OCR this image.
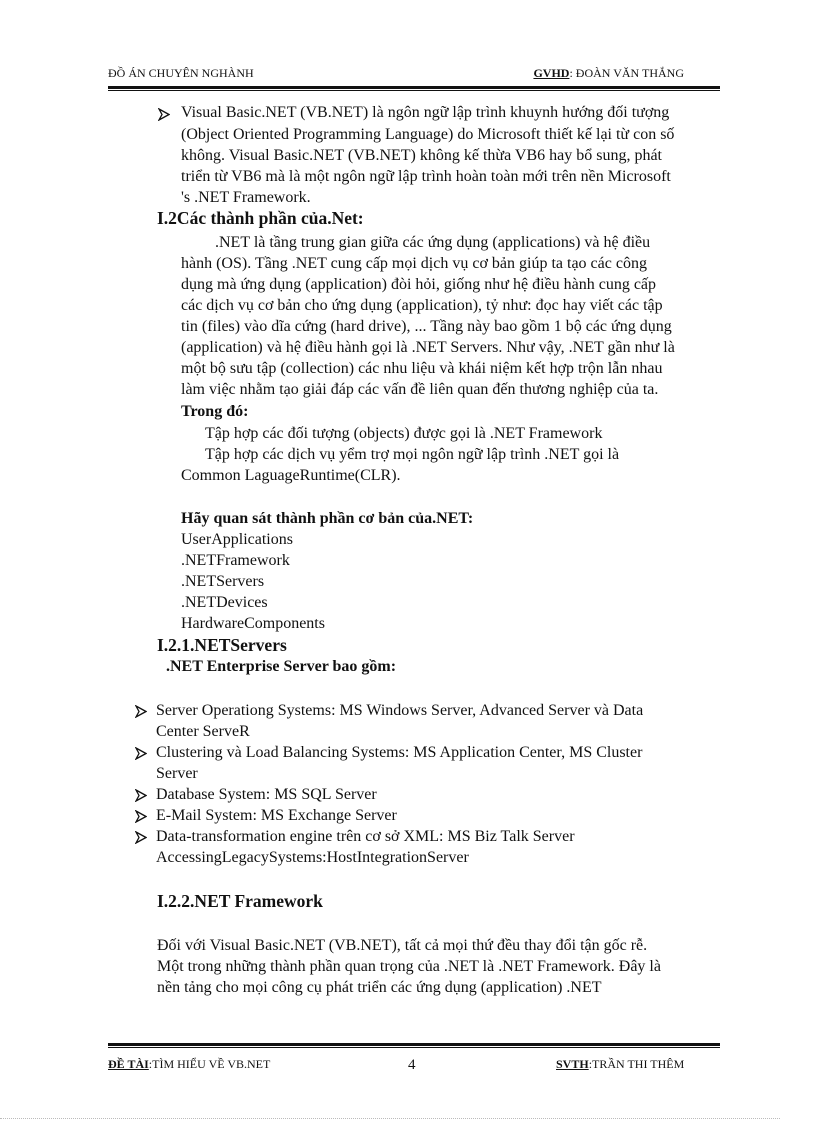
ĐỒ ÁN CHUYÊN NGHÀNH	GVHD: ĐOÀN VĂN THẮNG
Visual Basic.NET (VB.NET) là ngôn ngữ lập trình khuynh hướng đối tượng
(Object Oriented Programming Language) do Microsoft thiết kế lại từ con số
không. Visual Basic.NET (VB.NET) không kế thừa VB6 hay bổ sung, phát
triển từ VB6 mà là một ngôn ngữ lập trình hoàn toàn mới trên nền Microsoft
's .NET Framework.
I.2Các thành phần của.Net:
.NET là tầng trung gian giữa các ứng dụng (applications) và hệ điều
hành (OS). Tầng .NET cung cấp mọi dịch vụ cơ bản giúp ta tạo các công
dụng mà ứng dụng (application) đòi hỏi, giống như hệ điều hành cung cấp
các dịch vụ cơ bản cho ứng dụng (application), tỷ như: đọc hay viết các tập
tin (files) vào dĩa cứng (hard drive), ... Tầng này bao gồm 1 bộ các ứng dụng
(application) và hệ điều hành gọi là .NET Servers. Như vậy, .NET gần như là
một bộ sưu tập (collection) các nhu liệu và khái niệm kết hợp trộn lẫn nhau
làm việc nhằm tạo giải đáp các vấn đề liên quan đến thương nghiệp của ta.
Trong đó:
Tập hợp các đối tượng (objects) được gọi là .NET Framework
Tập hợp các dịch vụ yểm trợ mọi ngôn ngữ lập trình .NET gọi là
Common LaguageRuntime(CLR).
Hãy quan sát thành phần cơ bản của.NET:
UserApplications
.NETFramework
.NETServers
.NETDevices
HardwareComponents
I.2.1.NETServers
.NET Enterprise Server bao gồm:
Server Operationg Systems: MS Windows Server, Advanced Server và Data
Center ServeR
Clustering và Load Balancing Systems: MS Application Center, MS Cluster
Server
Database System: MS SQL Server
E-Mail System: MS Exchange Server
Data-transformation engine trên cơ sở XML: MS Biz Talk Server
AccessingLegacySystems:HostIntegrationServer
I.2.2.NET Framework
Đối với Visual Basic.NET (VB.NET), tất cả mọi thứ đều thay đổi tận gốc rễ.
Một trong những thành phần quan trọng của .NET là .NET Framework. Đây là
nền tảng cho mọi công cụ phát triển các ứng dụng (application) .NET
ĐỀ TÀI:TÌM HIỂU VỀ VB.NET	4	SVTH:TRẦN THI THÊM
